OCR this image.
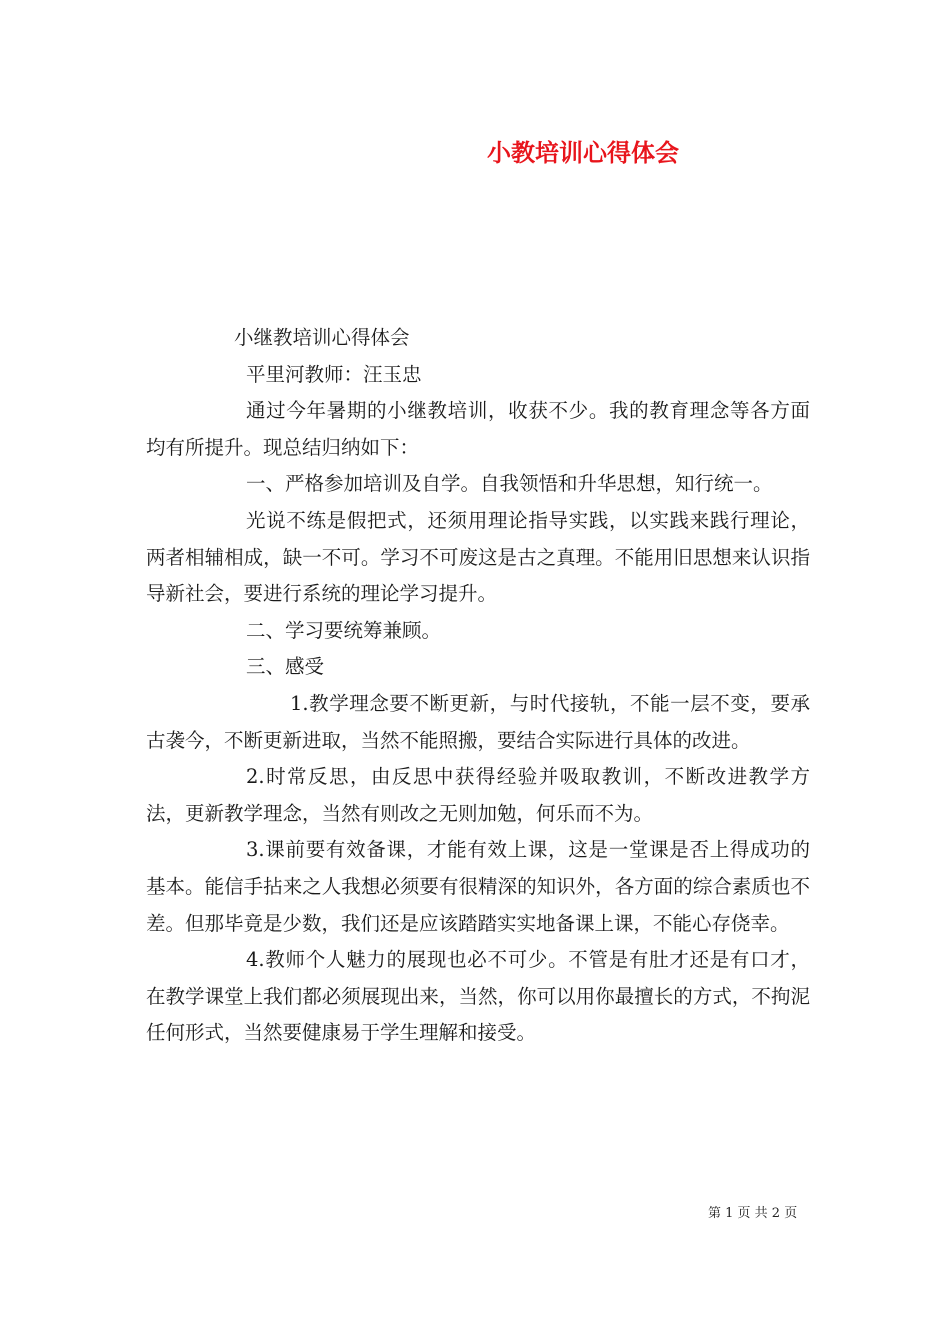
小教培训心得体会

小继教培训心得体会

平里河教师：汪玉忠

通过今年暑期的小继教培训，收获不少。我的教育理念等各方面均有所提升。现总结归纳如下：

一、严格参加培训及自学。自我领悟和升华思想，知行统一。

光说不练是假把式，还须用理论指导实践，以实践来践行理论，两者相辅相成，缺一不可。学习不可废这是古之真理。不能用旧思想来认识指导新社会，要进行系统的理论学习提升。

二、学习要统筹兼顾。

三、感受

1.教学理念要不断更新，与时代接轨，不能一层不变，要承古袭今，不断更新进取，当然不能照搬，要结合实际进行具体的改进。

2.时常反思，由反思中获得经验并吸取教训，不断改进教学方法，更新教学理念，当然有则改之无则加勉，何乐而不为。

3.课前要有效备课，才能有效上课，这是一堂课是否上得成功的基本。能信手拈来之人我想必须要有很精深的知识外，各方面的综合素质也不差。但那毕竟是少数，我们还是应该踏踏实实地备课上课，不能心存侥幸。

4.教师个人魅力的展现也必不可少。不管是有肚才还是有口才，在教学课堂上我们都必须展现出来，当然，你可以用你最擅长的方式，不拘泥任何形式，当然要健康易于学生理解和接受。

第 1 页 共 2 页
